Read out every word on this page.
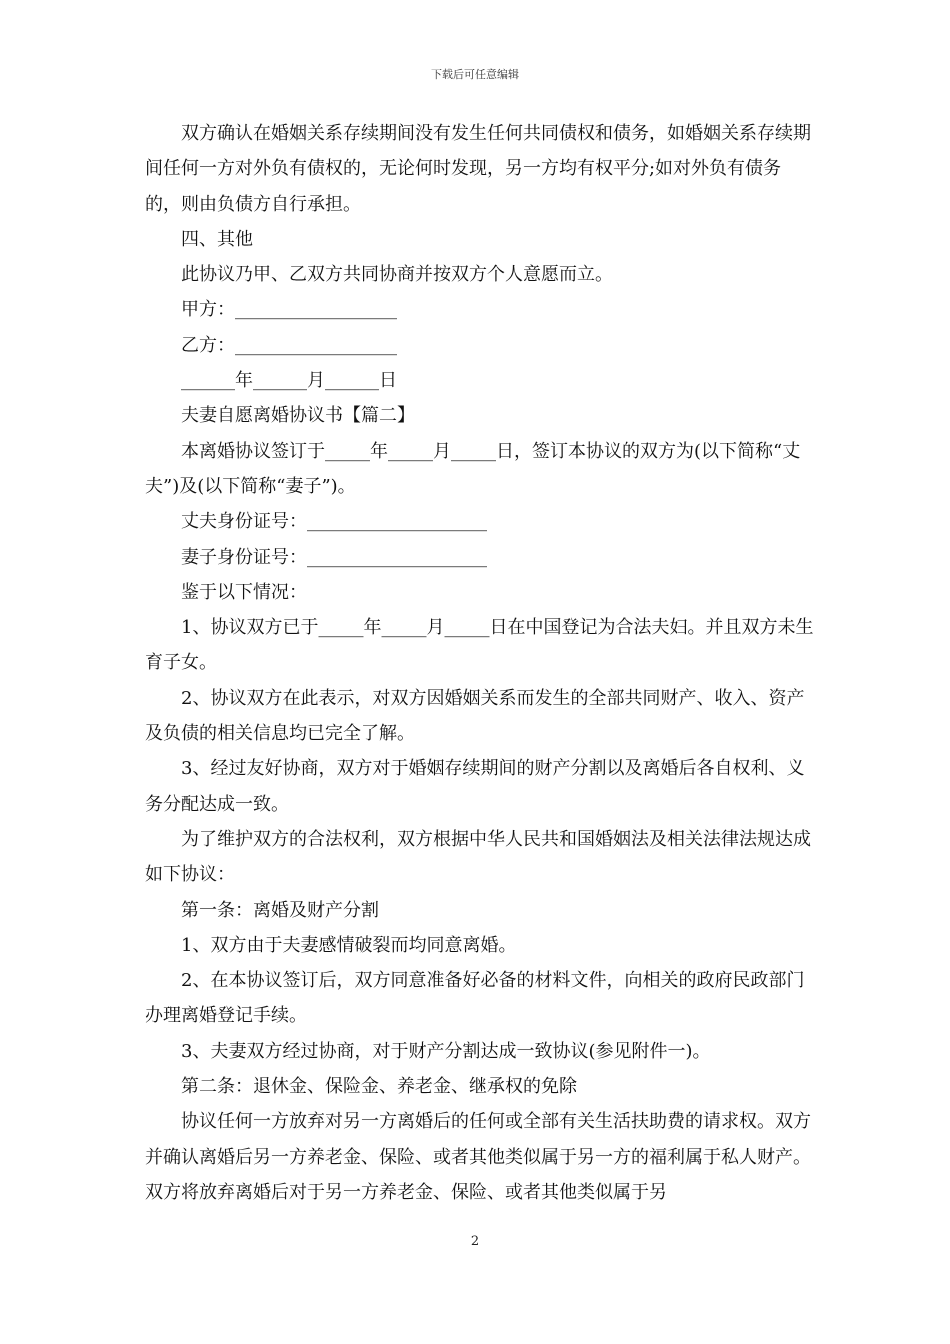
下载后可任意编辑

双方确认在婚姻关系存续期间没有发生任何共同债权和债务，如婚姻关系存续期间任何一方对外负有债权的，无论何时发现，另一方均有权平分;如对外负有债务的，则由负债方自行承担。

四、其他

此协议乃甲、乙双方共同协商并按双方个人意愿而立。

甲方：__________________

乙方：__________________

______年______月______日

夫妻自愿离婚协议书【篇二】

本离婚协议签订于_____年_____月_____日，签订本协议的双方为(以下简称“丈夫”)及(以下简称“妻子”)。

丈夫身份证号：____________________

妻子身份证号：____________________

鉴于以下情况：

1、协议双方已于_____年_____月_____日在中国登记为合法夫妇。并且双方未生育子女。

2、协议双方在此表示，对双方因婚姻关系而发生的全部共同财产、收入、资产及负债的相关信息均已完全了解。

3、经过友好协商，双方对于婚姻存续期间的财产分割以及离婚后各自权利、义务分配达成一致。

为了维护双方的合法权利，双方根据中华人民共和国婚姻法及相关法律法规达成如下协议：

第一条：离婚及财产分割

1、双方由于夫妻感情破裂而均同意离婚。

2、在本协议签订后，双方同意准备好必备的材料文件，向相关的政府民政部门办理离婚登记手续。

3、夫妻双方经过协商，对于财产分割达成一致协议(参见附件一)。

第二条：退休金、保险金、养老金、继承权的免除

协议任何一方放弃对另一方离婚后的任何或全部有关生活扶助费的请求权。双方并确认离婚后另一方养老金、保险、或者其他类似属于另一方的福利属于私人财产。双方将放弃离婚后对于另一方养老金、保险、或者其他类似属于另

2
